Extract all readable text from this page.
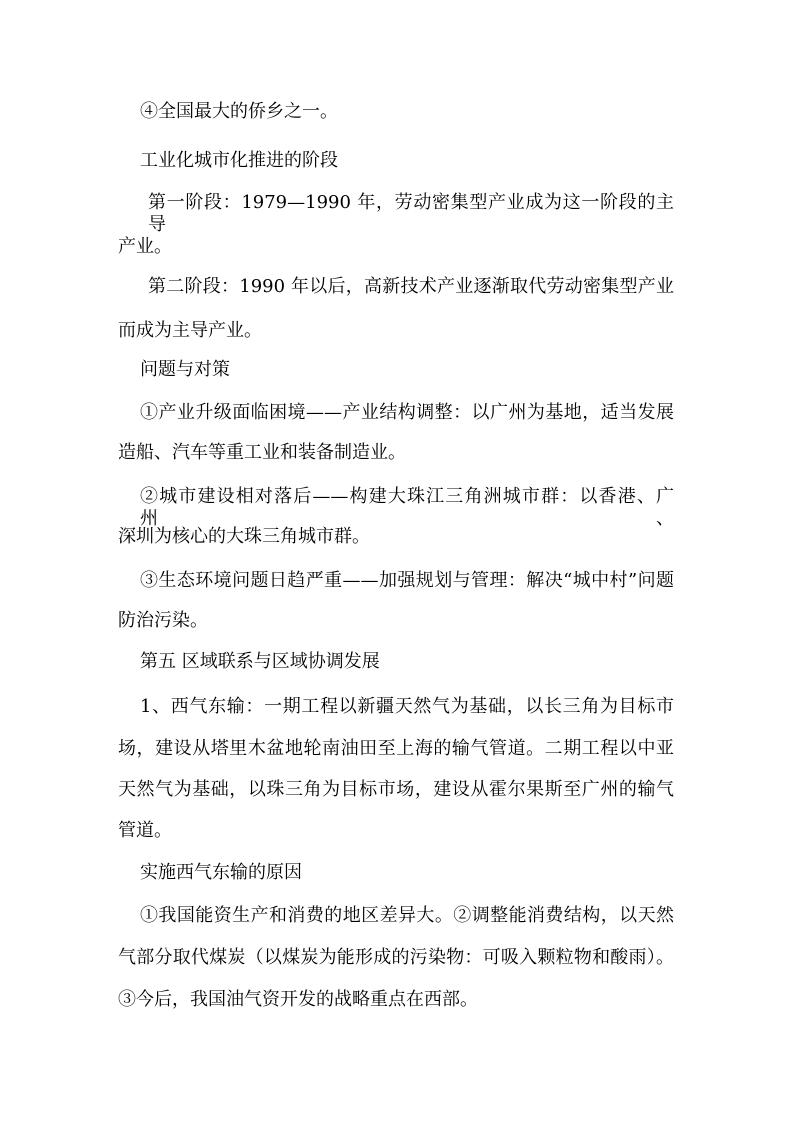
④全国最大的侨乡之一。
工业化城市化推进的阶段
第一阶段：1979—1990 年，劳动密集型产业成为这一阶段的主导
产业。
第二阶段：1990 年以后，高新技术产业逐渐取代劳动密集型产业
而成为主导产业。
问题与对策
①产业升级面临困境——产业结构调整：以广州为基地，适当发展
造船、汽车等重工业和装备制造业。
②城市建设相对落后——构建大珠江三角洲城市群：以香港、广州、
深圳为核心的大珠三角城市群。
③生态环境问题日趋严重——加强规划与管理：解决“城中村”问题
防治污染。
第五 区域联系与区域协调发展
1、西气东输：一期工程以新疆天然气为基础，以长三角为目标市
场，建设从塔里木盆地轮南油田至上海的输气管道。二期工程以中亚
天然气为基础，以珠三角为目标市场，建设从霍尔果斯至广州的输气
管道。
实施西气东输的原因
①我国能资生产和消费的地区差异大。②调整能消费结构，以天然
气部分取代煤炭（以煤炭为能形成的污染物：可吸入颗粒物和酸雨）。
③今后，我国油气资开发的战略重点在西部。
